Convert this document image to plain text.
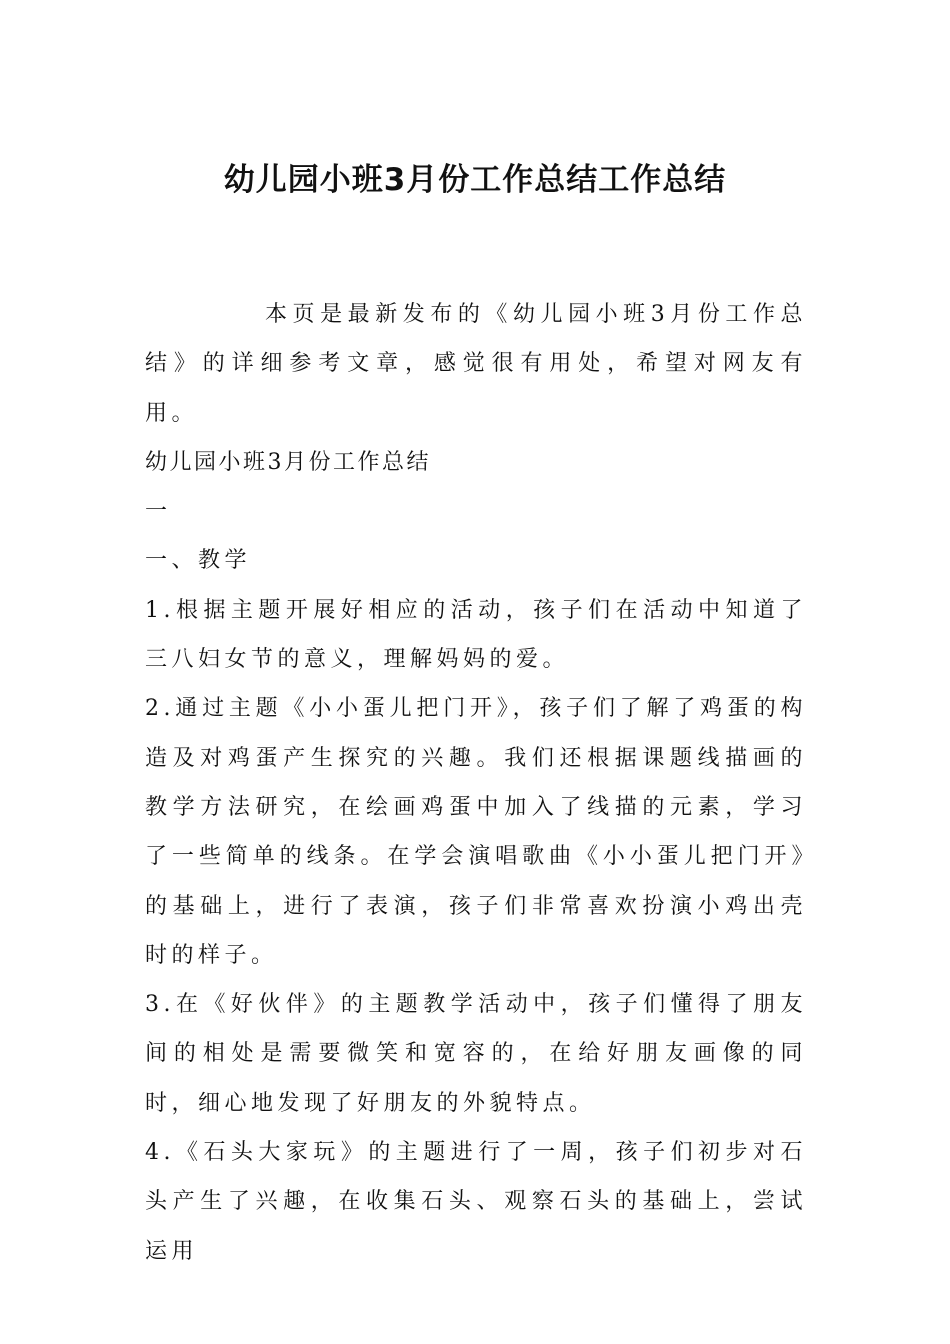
幼儿园小班3月份工作总结工作总结

本页是最新发布的《幼儿园小班3月份工作总结》的详细参考文章，感觉很有用处，希望对网友有用。

幼儿园小班3月份工作总结

一

一、教学

1.根据主题开展好相应的活动，孩子们在活动中知道了三八妇女节的意义，理解妈妈的爱。

2.通过主题《小小蛋儿把门开》，孩子们了解了鸡蛋的构造及对鸡蛋产生探究的兴趣。我们还根据课题线描画的教学方法研究，在绘画鸡蛋中加入了线描的元素，学习了一些简单的线条。在学会演唱歌曲《小小蛋儿把门开》的基础上，进行了表演，孩子们非常喜欢扮演小鸡出壳时的样子。

3.在《好伙伴》的主题教学活动中，孩子们懂得了朋友间的相处是需要微笑和宽容的，在给好朋友画像的同时，细心地发现了好朋友的外貌特点。

4.《石头大家玩》的主题进行了一周，孩子们初步对石头产生了兴趣，在收集石头、观察石头的基础上，尝试运用
